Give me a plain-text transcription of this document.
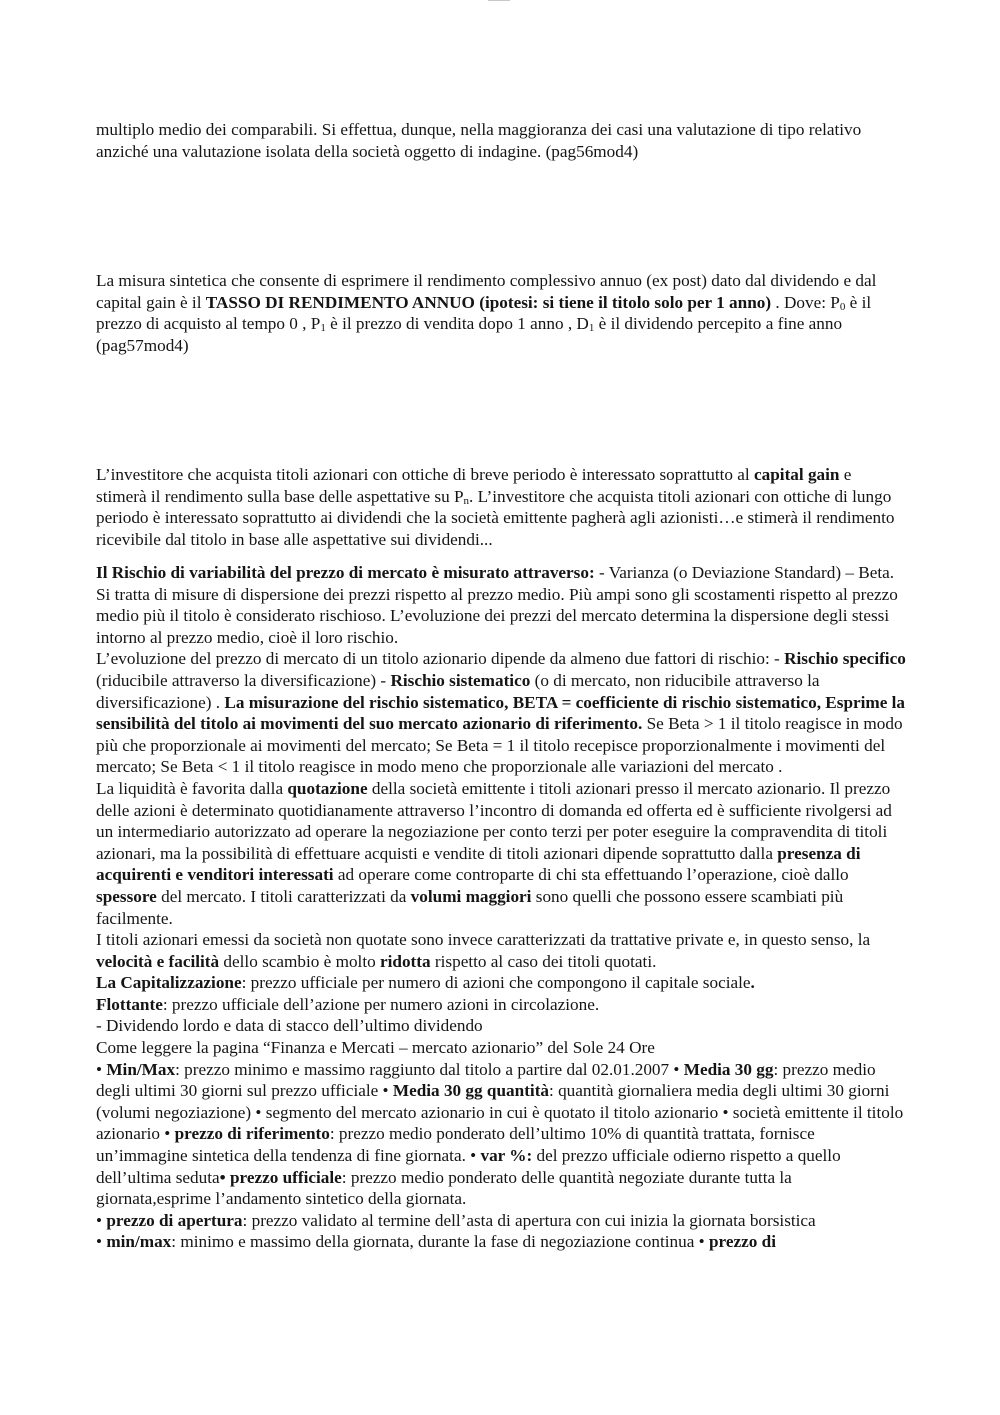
multiplo medio dei comparabili. Si effettua, dunque, nella maggioranza dei casi una valutazione di tipo relativo anziché una valutazione isolata della società oggetto di indagine. (pag56mod4)

La misura sintetica che consente di esprimere il rendimento complessivo annuo (ex post) dato dal dividendo e dal capital gain è il TASSO DI RENDIMENTO ANNUO (ipotesi: si tiene il titolo solo per 1 anno) . Dove: $P_0$ è il prezzo di acquisto al tempo 0 , $P_1$ è il prezzo di vendita dopo 1 anno , $D_1$ è il dividendo percepito a fine anno (pag57mod4)

L’investitore che acquista titoli azionari con ottiche di breve periodo è interessato soprattutto al capital gain e stimerà il rendimento sulla base delle aspettative su $P_n$. L’investitore che acquista titoli azionari con ottiche di lungo periodo è interessato soprattutto ai dividendi che la società emittente pagherà agli azionisti…e stimerà il rendimento ricevibile dal titolo in base alle aspettative sui dividendi...

Il Rischio di variabilità del prezzo di mercato è misurato attraverso: - Varianza (o Deviazione Standard) – Beta. Si tratta di misure di dispersione dei prezzi rispetto al prezzo medio. Più ampi sono gli scostamenti rispetto al prezzo medio più il titolo è considerato rischioso. L’evoluzione dei prezzi del mercato determina la dispersione degli stessi intorno al prezzo medio, cioè il loro rischio.
L’evoluzione del prezzo di mercato di un titolo azionario dipende da almeno due fattori di rischio: - Rischio specifico (riducibile attraverso la diversificazione) - Rischio sistematico (o di mercato, non riducibile attraverso la diversificazione) . La misurazione del rischio sistematico, BETA = coefficiente di rischio sistematico, Esprime la sensibilità del titolo ai movimenti del suo mercato azionario di riferimento. Se Beta > 1 il titolo reagisce in modo più che proporzionale ai movimenti del mercato; Se Beta = 1 il titolo recepisce proporzionalmente i movimenti del mercato; Se Beta < 1 il titolo reagisce in modo meno che proporzionale alle variazioni del mercato .
La liquidità è favorita dalla quotazione della società emittente i titoli azionari presso il mercato azionario. Il prezzo delle azioni è determinato quotidianamente attraverso l’incontro di domanda ed offerta ed è sufficiente rivolgersi ad un intermediario autorizzato ad operare la negoziazione per conto terzi per poter eseguire la compravendita di titoli azionari, ma la possibilità di effettuare acquisti e vendite di titoli azionari dipende soprattutto dalla presenza di acquirenti e venditori interessati ad operare come controparte di chi sta effettuando l’operazione, cioè dallo spessore del mercato. I titoli caratterizzati da volumi maggiori sono quelli che possono essere scambiati più facilmente.
I titoli azionari emessi da società non quotate sono invece caratterizzati da trattative private e, in questo senso, la velocità e facilità dello scambio è molto ridotta rispetto al caso dei titoli quotati.
La Capitalizzazione: prezzo ufficiale per numero di azioni che compongono il capitale sociale.
Flottante: prezzo ufficiale dell’azione per numero azioni in circolazione.
- Dividendo lordo e data di stacco dell’ultimo dividendo
Come leggere la pagina “Finanza e Mercati – mercato azionario” del Sole 24 Ore
• Min/Max: prezzo minimo e massimo raggiunto dal titolo a partire dal 02.01.2007 • Media 30 gg: prezzo medio degli ultimi 30 giorni sul prezzo ufficiale • Media 30 gg quantità: quantità giornaliera media degli ultimi 30 giorni (volumi negoziazione) • segmento del mercato azionario in cui è quotato il titolo azionario • società emittente il titolo azionario • prezzo di riferimento: prezzo medio ponderato dell’ultimo 10% di quantità trattata, fornisce un’immagine sintetica della tendenza di fine giornata. • var %: del prezzo ufficiale odierno rispetto a quello dell’ultima seduta• prezzo ufficiale: prezzo medio ponderato delle quantità negoziate durante tutta la giornata,esprime l’andamento sintetico della giornata.
• prezzo di apertura: prezzo validato al termine dell’asta di apertura con cui inizia la giornata borsistica
• min/max: minimo e massimo della giornata, durante la fase di negoziazione continua • prezzo di
